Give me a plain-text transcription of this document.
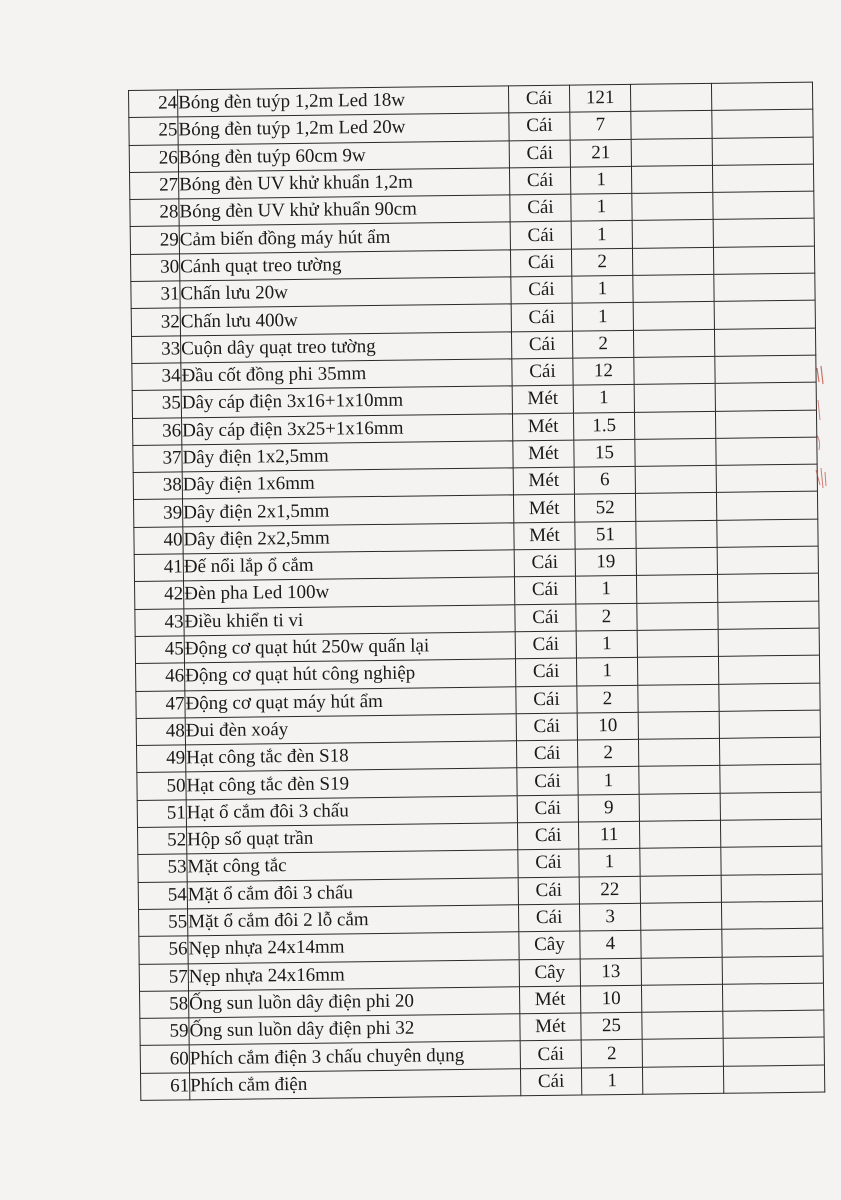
24	Bóng đèn tuýp 1,2m Led 18w	Cái	121		
25	Bóng đèn tuýp 1,2m Led 20w	Cái	7		
26	Bóng đèn tuýp 60cm 9w	Cái	21		
27	Bóng đèn UV khử khuẩn 1,2m	Cái	1		
28	Bóng đèn UV khử khuẩn 90cm	Cái	1		
29	Cảm biến đồng máy hút ẩm	Cái	1		
30	Cánh quạt treo tường	Cái	2		
31	Chấn lưu 20w	Cái	1		
32	Chấn lưu 400w	Cái	1		
33	Cuộn dây quạt treo tường	Cái	2		
34	Đầu cốt đồng phi 35mm	Cái	12		
35	Dây cáp điện 3x16+1x10mm	Mét	1		
36	Dây cáp điện 3x25+1x16mm	Mét	1.5		
37	Dây điện 1x2,5mm	Mét	15		
38	Dây điện 1x6mm	Mét	6		
39	Dây điện 2x1,5mm	Mét	52		
40	Dây điện 2x2,5mm	Mét	51		
41	Đế nổi lắp ổ cắm	Cái	19		
42	Đèn pha Led 100w	Cái	1		
43	Điều khiển ti vi	Cái	2		
45	Động cơ quạt hút 250w quấn lại	Cái	1		
46	Động cơ quạt hút công nghiệp	Cái	1		
47	Động cơ quạt máy hút ẩm	Cái	2		
48	Đui đèn xoáy	Cái	10		
49	Hạt công tắc đèn S18	Cái	2		
50	Hạt công tắc đèn S19	Cái	1		
51	Hạt ổ cắm đôi 3 chấu	Cái	9		
52	Hộp số quạt trần	Cái	11		
53	Mặt công tắc	Cái	1		
54	Mặt ổ cắm đôi 3 chấu	Cái	22		
55	Mặt ổ cắm đôi 2 lỗ cắm	Cái	3		
56	Nẹp nhựa 24x14mm	Cây	4		
57	Nẹp nhựa 24x16mm	Cây	13		
58	Ống sun luồn dây điện phi 20	Mét	10		
59	Ống sun luồn dây điện phi 32	Mét	25		
60	Phích cắm điện 3 chấu chuyên dụng	Cái	2		
61	Phích cắm điện	Cái	1		
